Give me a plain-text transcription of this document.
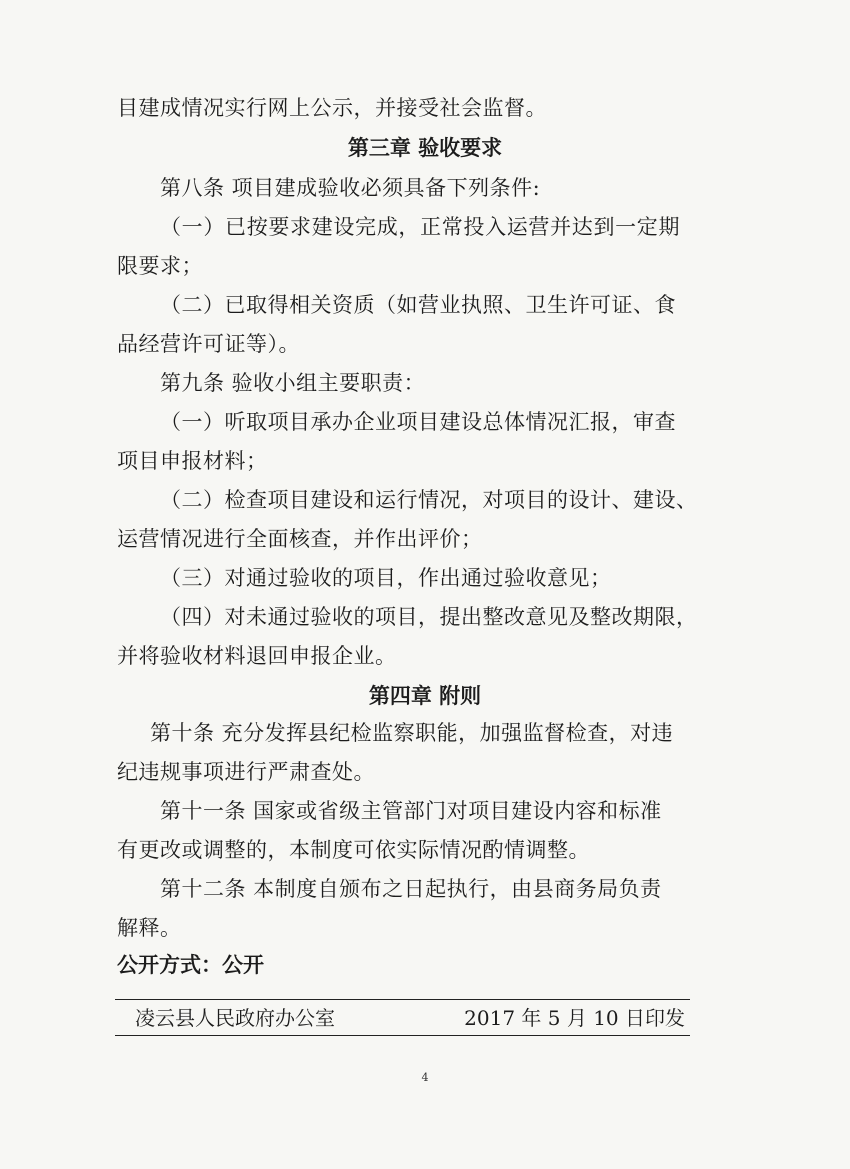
目建成情况实行网上公示，并接受社会监督。
第三章 验收要求
第八条 项目建成验收必须具备下列条件:
（ 一 ） 已 按 要 求 建 设 完 成 ， 正 常 投 入 运 营 并 达 到 一 定 期
限要求；
（二）已取得相关资质（如营业执照、卫生许可证、食
品经营许可证等）。
第九条 验收小组主要职责：
（一）听取项目承办企业项目建设总体情况汇报，审查
项目申报材料；
（二）检查项目建设和运行情况，对项目的设计、建设、
运营情况进行全面核查，并作出评价；
（三）对通过验收的项目，作出通过验收意见；
（四）对未通过验收的项目，提出整改意见及整改期限，
并将验收材料退回申报企业。
第四章 附则
第十条 充分发挥县纪检监察职能，加强监督检查，对违
纪违规事项进行严肃查处。
第十一条 国家或省级主管部门对项目建设内容和标准
有更改或调整的，本制度可依实际情况酌情调整。
第十二条 本制度自颁布之日起执行，由县商务局负责
解释。
公开方式：公开
凌云县人民政府办公室	2017 年 5 月 10 日印发
4
